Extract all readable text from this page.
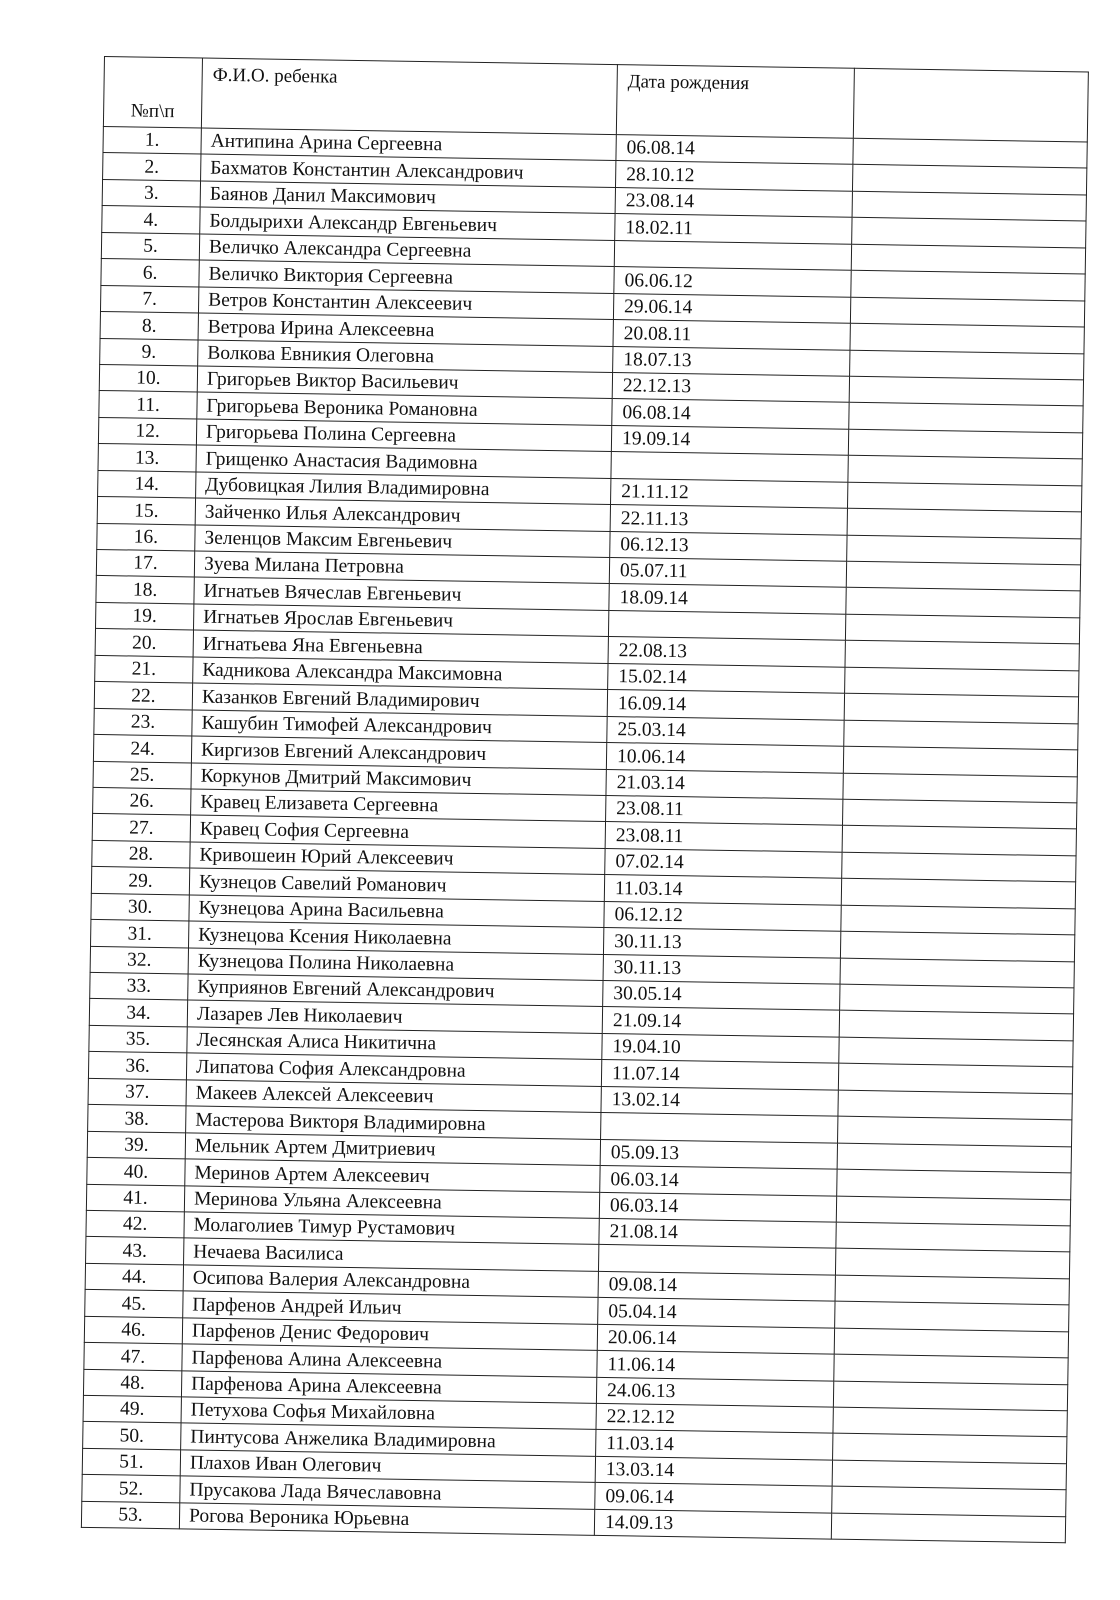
№п\п	Ф.И.О. ребенка	Дата рождения	
1.	Антипина Арина Сергеевна	06.08.14	
2.	Бахматов Константин Александрович	28.10.12	
3.	Баянов Данил Максимович	23.08.14	
4.	Болдырихи Александр Евгеньевич	18.02.11	
5.	Величко Александра Сергеевна		
6.	Величко Виктория Сергеевна	06.06.12	
7.	Ветров Константин Алексеевич	29.06.14	
8.	Ветрова Ирина Алексеевна	20.08.11	
9.	Волкова Евникия Олеговна	18.07.13	
10.	Григорьев Виктор Васильевич	22.12.13	
11.	Григорьева Вероника Романовна	06.08.14	
12.	Григорьева Полина Сергеевна	19.09.14	
13.	Грищенко Анастасия Вадимовна		
14.	Дубовицкая Лилия Владимировна	21.11.12	
15.	Зайченко Илья Александрович	22.11.13	
16.	Зеленцов Максим Евгеньевич	06.12.13	
17.	Зуева Милана Петровна	05.07.11	
18.	Игнатьев Вячеслав Евгеньевич	18.09.14	
19.	Игнатьев Ярослав Евгеньевич		
20.	Игнатьева Яна Евгеньевна	22.08.13	
21.	Кадникова Александра Максимовна	15.02.14	
22.	Казанков Евгений Владимирович	16.09.14	
23.	Кашубин Тимофей Александрович	25.03.14	
24.	Киргизов Евгений Александрович	10.06.14	
25.	Коркунов Дмитрий Максимович	21.03.14	
26.	Кравец Елизавета Сергеевна	23.08.11	
27.	Кравец София Сергеевна	23.08.11	
28.	Кривошеин Юрий Алексеевич	07.02.14	
29.	Кузнецов Савелий Романович	11.03.14	
30.	Кузнецова Арина Васильевна	06.12.12	
31.	Кузнецова Ксения Николаевна	30.11.13	
32.	Кузнецова Полина Николаевна	30.11.13	
33.	Куприянов Евгений Александрович	30.05.14	
34.	Лазарев Лев Николаевич	21.09.14	
35.	Лесянская Алиса Никитична	19.04.10	
36.	Липатова София Александровна	11.07.14	
37.	Макеев Алексей Алексеевич	13.02.14	
38.	Мастерова Викторя Владимировна		
39.	Мельник Артем Дмитриевич	05.09.13	
40.	Меринов Артем Алексеевич	06.03.14	
41.	Меринова Ульяна Алексеевна	06.03.14	
42.	Молаголиев Тимур Рустамович	21.08.14	
43.	Нечаева Василиса		
44.	Осипова Валерия Александровна	09.08.14	
45.	Парфенов Андрей Ильич	05.04.14	
46.	Парфенов Денис Федорович	20.06.14	
47.	Парфенова Алина Алексеевна	11.06.14	
48.	Парфенова Арина Алексеевна	24.06.13	
49.	Петухова Софья Михайловна	22.12.12	
50.	Пинтусова Анжелика Владимировна	11.03.14	
51.	Плахов Иван Олегович	13.03.14	
52.	Прусакова Лада Вячеславовна	09.06.14	
53.	Рогова Вероника Юрьевна	14.09.13	
